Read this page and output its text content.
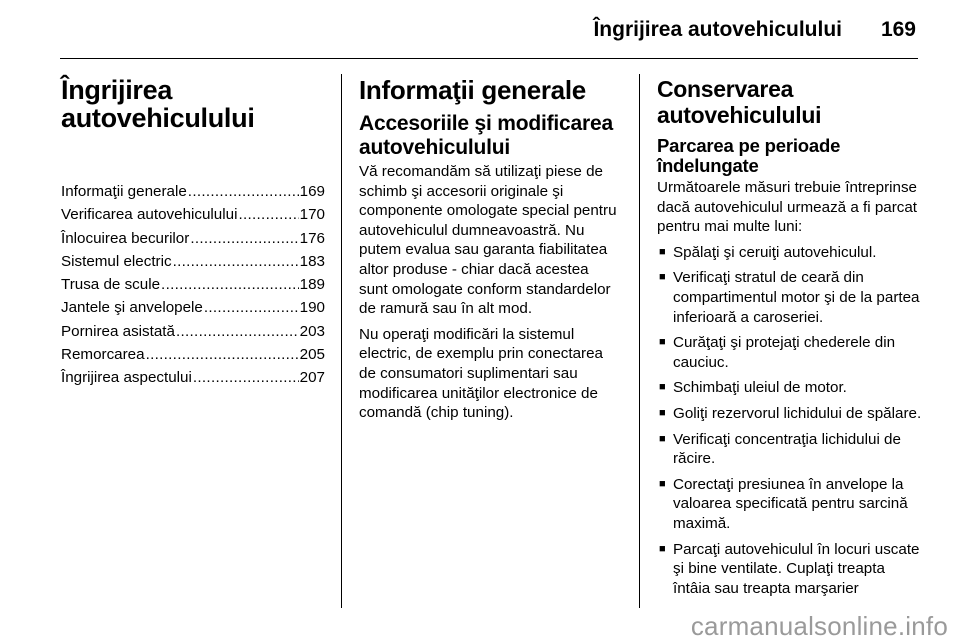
Îngrijirea autovehiculului 169
Îngrijirea
autovehiculului
Informaţii generale .....	169
Verificarea autovehiculului .....	170
Înlocuirea becurilor .....	176
Sistemul electric .....	183
Trusa de scule .....	189
Jantele şi anvelopele .....	190
Pornirea asistată .....	203
Remorcarea .....	205
Îngrijirea aspectului .....	207
Informaţii generale
Accesoriile şi modificarea
autovehiculului

Vă recomandăm să utilizaţi piese de schimb şi accesorii originale şi componente omologate special pentru autovehiculul dumneavoastră. Nu putem evalua sau garanta fiabilitatea altor produse - chiar dacă acestea sunt omologate conform standardelor de ramură sau în alt mod.

Nu operaţi modificări la sistemul electric, de exemplu prin conectarea de consumatori suplimentari sau modificarea unităţilor electronice de comandă (chip tuning).

Conservarea
autovehiculului
Parcarea pe perioade
îndelungate

Următoarele măsuri trebuie întreprinse dacă autovehiculul urmează a fi parcat pentru mai multe luni:

■ Spălaţi şi ceruiţi autovehiculul.
■ Verificaţi stratul de ceară din compartimentul motor şi de la partea inferioară a caroseriei.
■ Curăţaţi şi protejaţi chederele din cauciuc.
■ Schimbaţi uleiul de motor.
■ Goliţi rezervorul lichidului de spălare.
■ Verificaţi concentraţia lichidului de răcire.
■ Corectaţi presiunea în anvelope la valoarea specificată pentru sarcină maximă.
■ Parcaţi autovehiculul în locuri uscate şi bine ventilate. Cuplaţi treapta întâia sau treapta marşarier
carmanualsonline.info
